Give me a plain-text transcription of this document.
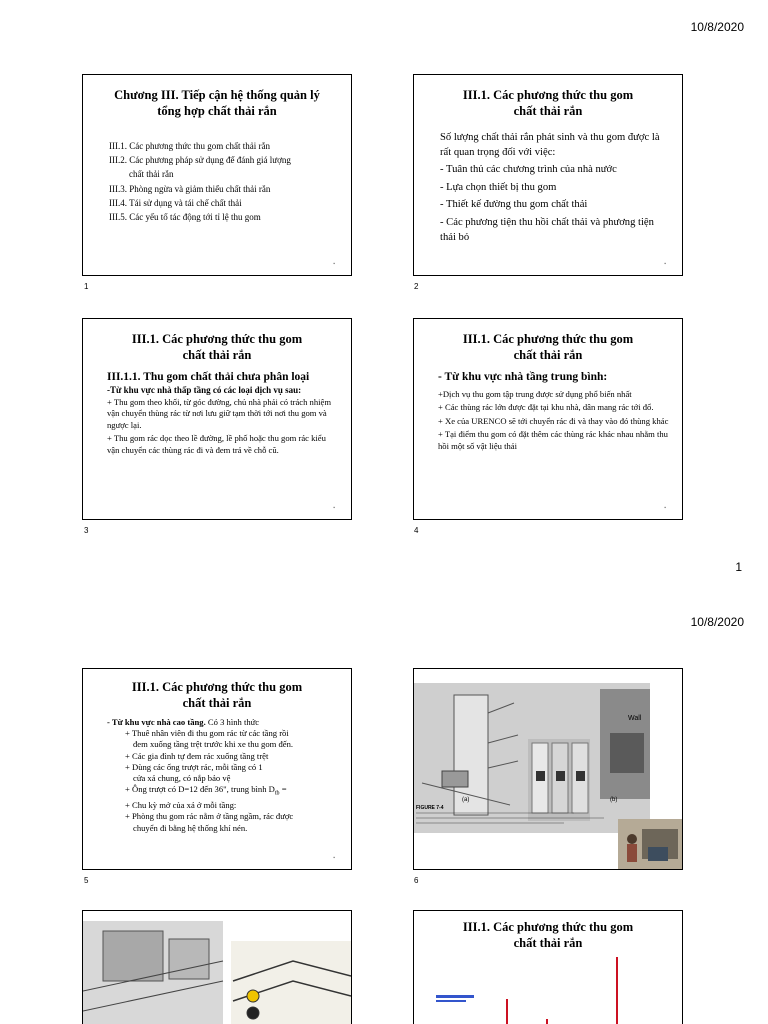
10/8/2020
Chương III. Tiếp cận hệ thống quản lý
tổng hợp chất thải rắn
III.1. Các phương thức thu gom chất thải rắn
III.2. Các phương pháp sử dụng để đánh giá lượng
chất thải rắn
III.3. Phòng ngừa và giảm thiểu chất thải rắn
III.4. Tái sử dụng và tái chế chất thải
III.5. Các yếu tố tác động tới tỉ lệ thu gom
▪
1
III.1. Các phương thức thu gom
chất thải rắn

Số lượng chất thải rắn phát sinh và thu gom được là rất quan trọng đối với việc:

- Tuân thủ các chương trình của nhà nước

- Lựa chọn thiết bị thu gom

- Thiết kế đường thu gom chất thải

- Các phương tiện thu hồi chất thải và phương tiện thải bỏ

▪
2
III.1. Các phương thức thu gom
chất thải rắn
III.1.1. Thu gom chất thải chưa phân loại
-Từ khu vực nhà thấp tầng có các loại dịch vụ sau:

+ Thu gom theo khối, từ góc đường, chủ nhà phải có trách nhiệm vận chuyển thùng rác từ nơi lưu giữ tạm thời tới nơi thu gom và ngược lại.

+ Thu gom rác dọc theo lề đường, lề phố hoặc thu gom rác kiểu vận chuyển các thùng rác đi và đem trả về chỗ cũ.

▪
3
III.1. Các phương thức thu gom
chất thải rắn
- Từ khu vực nhà tầng trung bình:

+Dịch vụ thu gom tập trung được sử dụng phổ biến nhất

+ Các thùng rác lớn được đặt tại khu nhà, dân mang rác tới đổ.

+ Xe của URENCO sẽ tới chuyển rác đi và thay vào đó thùng khác

+ Tại điểm thu gom có đặt thêm các thùng rác khác nhau nhằm thu hồi một số vật liệu thải

▪
4
1
10/8/2020
III.1. Các phương thức thu gom
chất thải rắn

- Từ khu vực nhà cao tầng. Có 3 hình thức

+ Thuê nhân viên đi thu gom rác từ các tầng rồi

đem xuống tầng trệt trước khi xe thu gom đến.

+ Các gia đình tự đem rác xuống tầng trệt

+ Dùng các ống trượt rác, mỗi tầng có 1

cửa xả chung, có nắp bảo vệ

+ Ông trượt có D=12 đến 36", trung bình $D_{tb}$ =

+ Chu kỳ mở của xả ở mỗi tầng:

+ Phòng thu gom rác nằm ở tầng ngầm, rác được

chuyển đi bằng hệ thống khí nén.

▪
5
Wall
(a)	(b)
FIGURE 7-4
6
III.1. Các phương thức thu gom
chất thải rắn
